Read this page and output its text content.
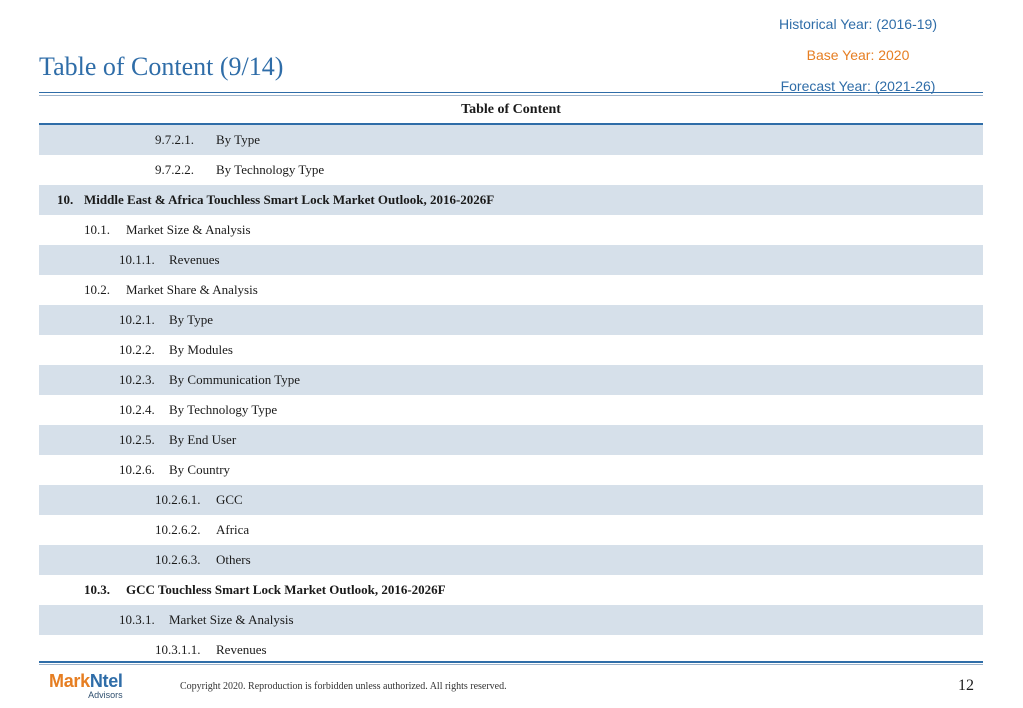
Historical Year: (2016-19)
Base Year: 2020
Forecast Year: (2021-26)
Table of Content (9/14)
Table of Content
9.7.2.1. By Type
9.7.2.2. By Technology Type
10. Middle East & Africa Touchless Smart Lock Market Outlook, 2016-2026F
10.1. Market Size & Analysis
10.1.1. Revenues
10.2. Market Share & Analysis
10.2.1. By Type
10.2.2. By Modules
10.2.3. By Communication Type
10.2.4. By Technology Type
10.2.5. By End User
10.2.6. By Country
10.2.6.1. GCC
10.2.6.2. Africa
10.2.6.3. Others
10.3. GCC Touchless Smart Lock Market Outlook, 2016-2026F
10.3.1. Market Size & Analysis
10.3.1.1. Revenues
MarkNtel
Advisors
Copyright 2020. Reproduction is forbidden unless authorized. All rights reserved.	12
